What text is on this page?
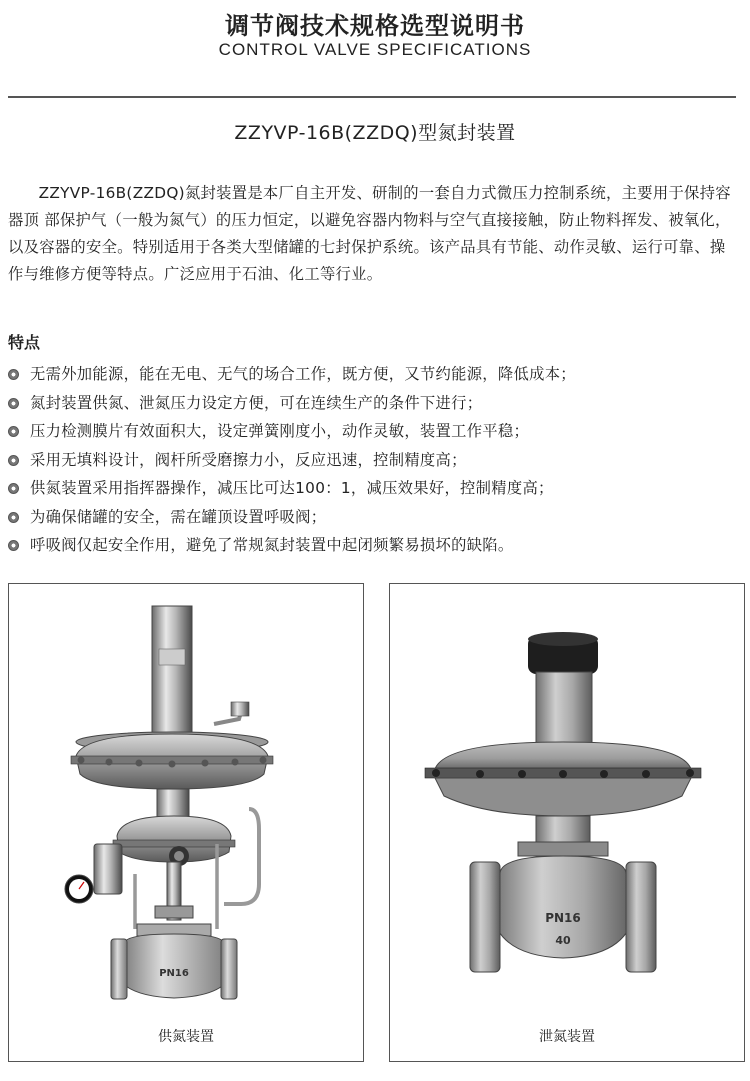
调节阀技术规格选型说明书
CONTROL VALVE SPECIFICATIONS
ZZYVP-16B(ZZDQ)型氮封装置
ZZYVP-16B(ZZDQ)氮封装置是本厂自主开发、研制的一套自力式微压力控制系统，主要用于保持容器顶 部保护气（一般为氮气）的压力恒定，以避免容器内物料与空气直接接触，防止物料挥发、被氧化，以及容器的安全。特别适用于各类大型储罐的七封保护系统。该产品具有节能、动作灵敏、运行可靠、操作与维修方便等特点。广泛应用于石油、化工等行业。
特点
无需外加能源，能在无电、无气的场合工作，既方便，又节约能源，降低成本；
氮封装置供氮、泄氮压力设定方便，可在连续生产的条件下进行；
压力检测膜片有效面积大，设定弹簧刚度小，动作灵敏，装置工作平稳；
采用无填料设计，阀杆所受磨擦力小，反应迅速，控制精度高；
供氮装置采用指挥器操作，减压比可达100：1，减压效果好，控制精度高；
为确保储罐的安全，需在罐顶设置呼吸阀；
呼吸阀仅起安全作用，避免了常规氮封装置中起闭频繁易损坏的缺陷。
PN16
供氮装置
PN16
40
泄氮装置
